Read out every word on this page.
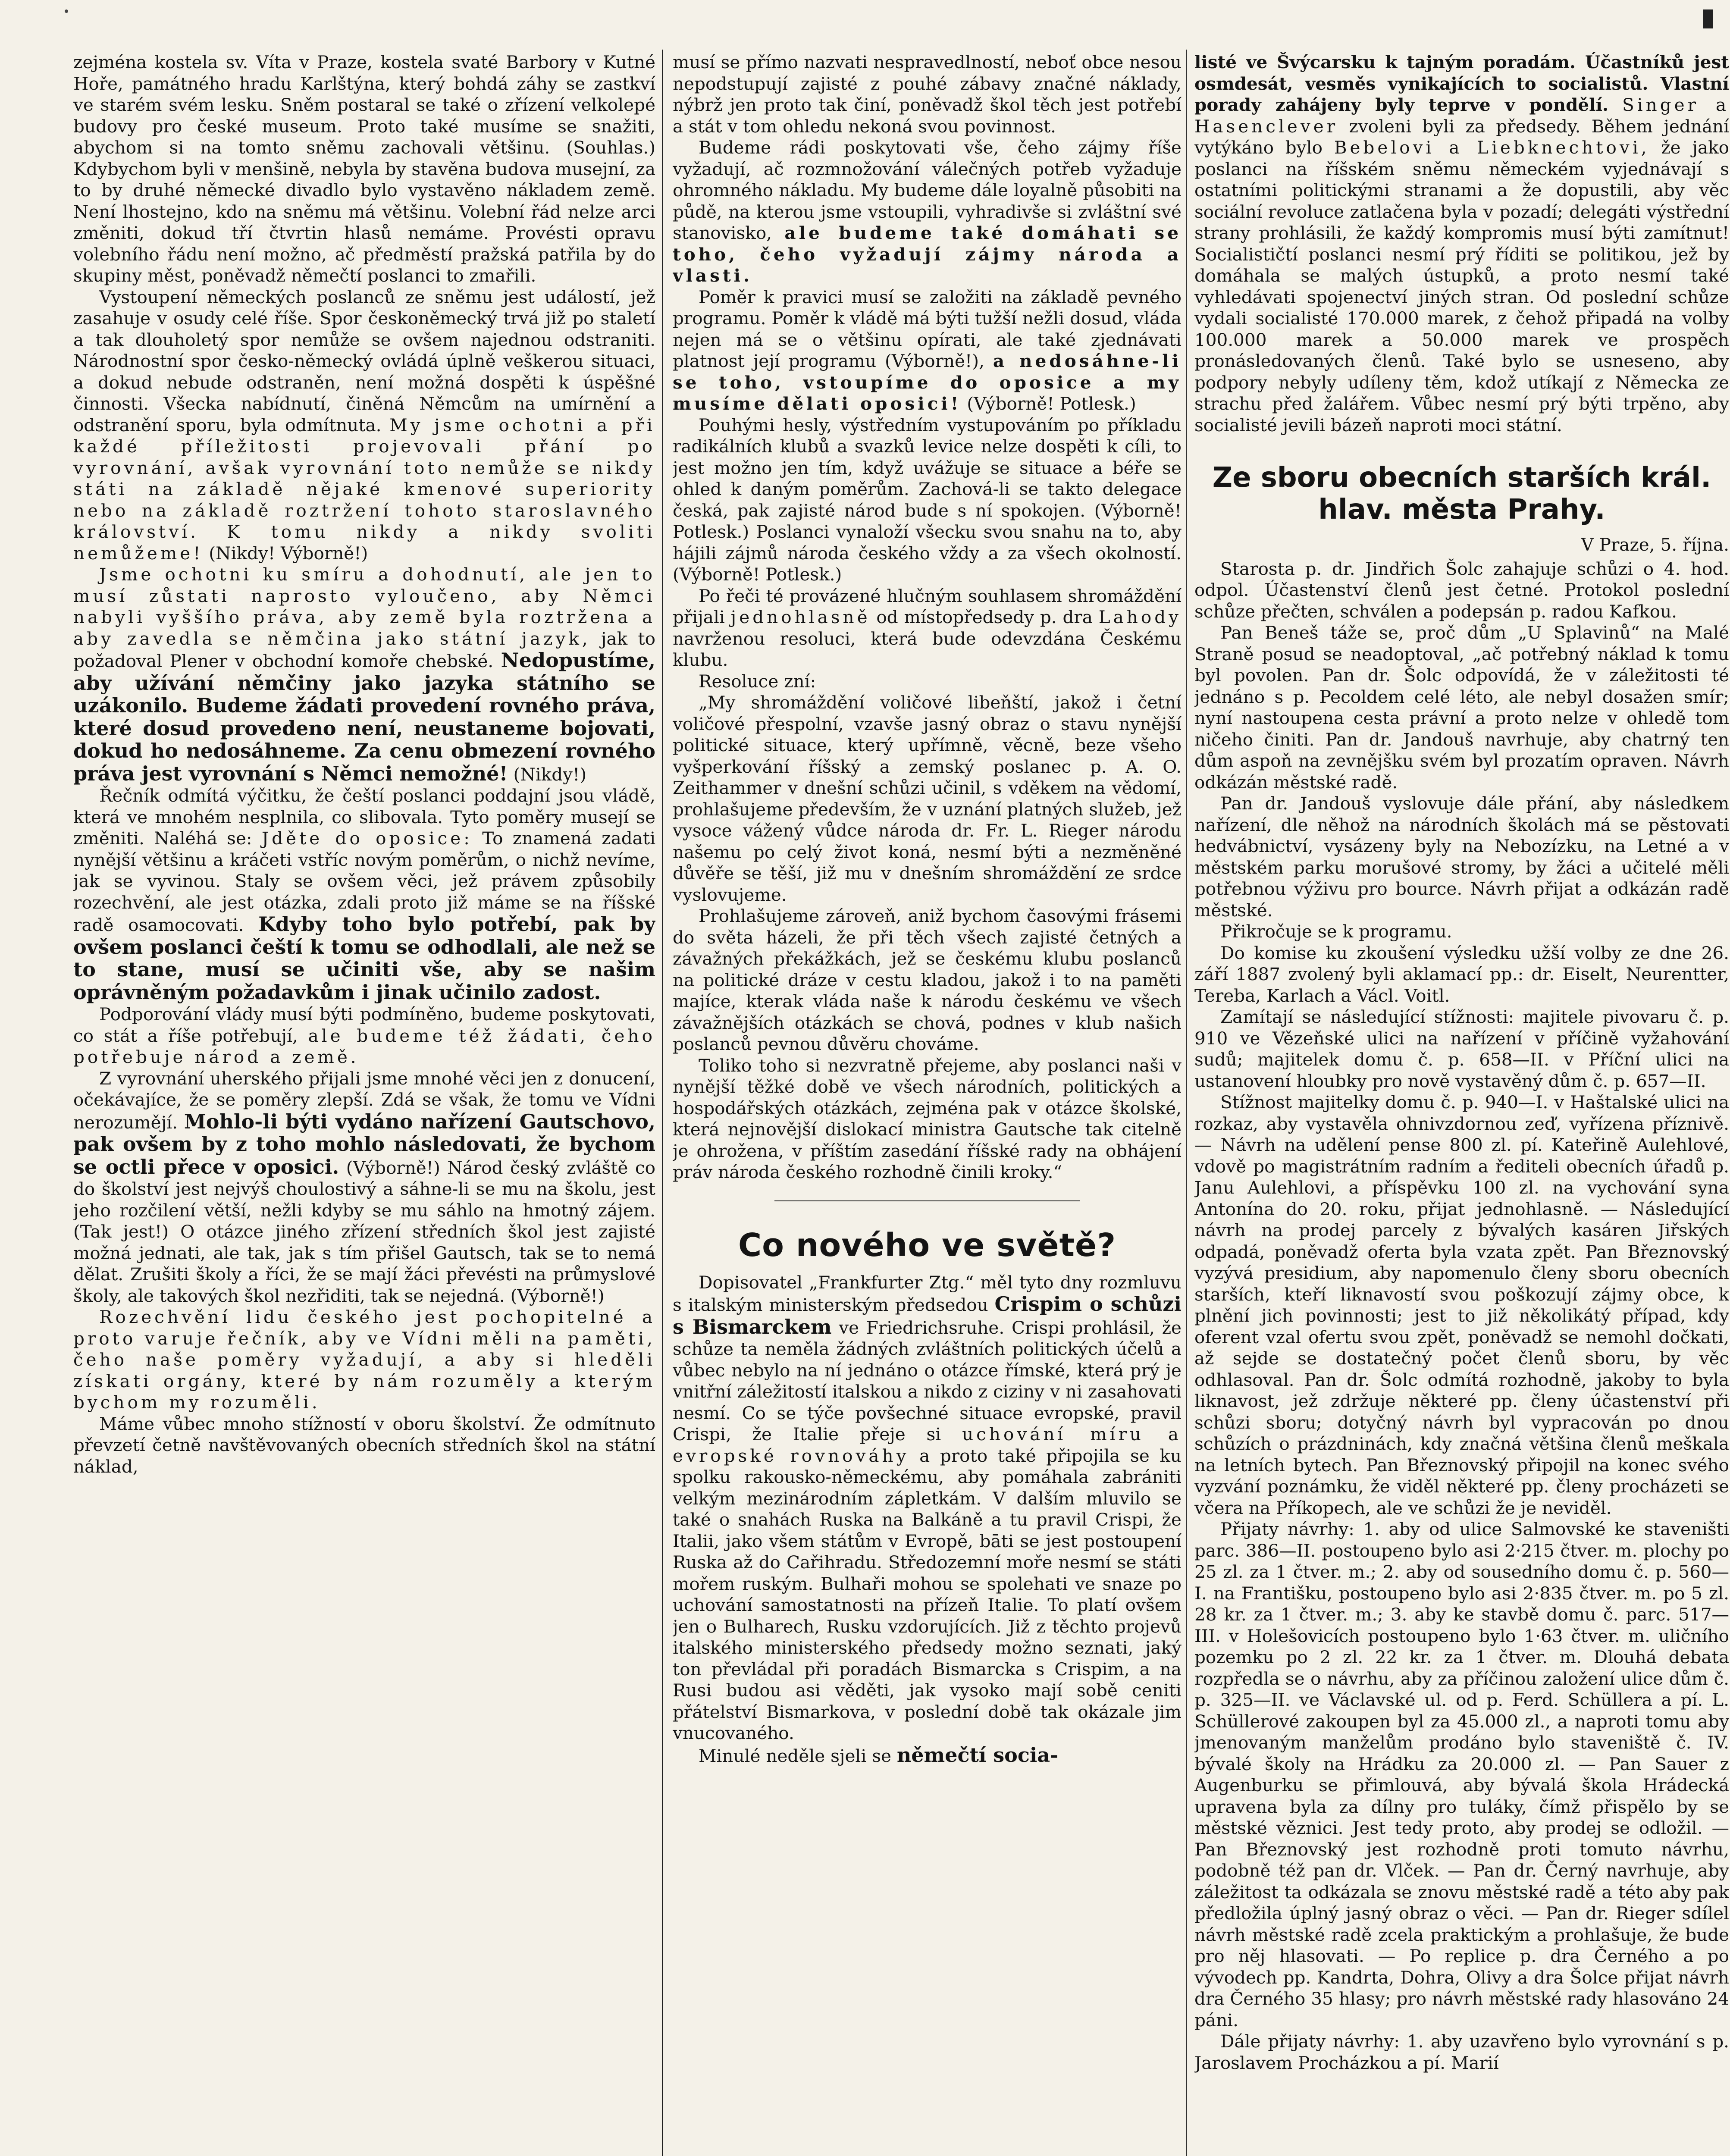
zejména kostela sv. Víta v Praze, kostela svaté Barbory v Kutné Hoře, památného hradu Karlštýna, který bohdá záhy se zastkví ve starém svém lesku. Sněm postaral se také o zřízení velkolepé budovy pro české museum. Proto také musíme se snažiti, abychom si na tomto sněmu zachovali většinu. (Souhlas.) Kdybychom byli v menšině, nebyla by stavěna budova musejní, za to by druhé německé divadlo bylo vystavěno nákladem země. Není lhostejno, kdo na sněmu má většinu. Volební řád nelze arci změniti, dokud tří čtvrtin hlasů nemáme. Provésti opravu volebního řádu není možno, ač předměstí pražská patřila by do skupiny měst, poněvadž němečtí poslanci to zmařili.

Vystoupení německých poslanců ze sněmu jest událostí, jež zasahuje v osudy celé říše. Spor českoněmecký trvá již po staletí a tak dlouholetý spor nemůže se ovšem najednou odstraniti. Národnostní spor česko-německý ovládá úplně veškerou situaci, a dokud nebude odstraněn, není možná dospěti k úspěšné činnosti. Všecka nabídnutí, činěná Němcům na umírnění a odstranění sporu, byla odmítnuta. My jsme ochotni a při každé příležitosti projevovali přání po vyrovnání, avšak vyrovnání toto nemůže se nikdy státi na základě nějaké kmenové superiority nebo na základě roztržení tohoto staroslavného království. K tomu nikdy a nikdy svoliti nemůžeme! (Nikdy! Výborně!)

Jsme ochotni ku smíru a dohodnutí, ale jen to musí zůstati naprosto vyloučeno, aby Němci nabyli vyššího práva, aby země byla roztržena a aby zavedla se němčina jako státní jazyk, jak to požadoval Plener v obchodní komoře chebské. Nedopustíme, aby užívání němčiny jako jazyka státního se uzákonilo. Budeme žádati provedení rovného práva, které dosud provedeno není, neustaneme bojovati, dokud ho nedosáhneme. Za cenu obmezení rovného práva jest vyrovnání s Němci nemožné! (Nikdy!)

Řečník odmítá výčitku, že čeští poslanci poddajní jsou vládě, která ve mnohém nesplnila, co slibovala. Tyto poměry musejí se změniti. Naléhá se: Jděte do oposice: To znamená zadati nynější většinu a kráčeti vstříc novým poměrům, o nichž nevíme, jak se vyvinou. Staly se ovšem věci, jež právem způsobily rozechvění, ale jest otázka, zdali proto již máme se na říšské radě osamocovati. Kdyby toho bylo potřebí, pak by ovšem poslanci čeští k tomu se odhodlali, ale než se to stane, musí se učiniti vše, aby se našim oprávněným požadavkům i jinak učinilo zadost.

Podporování vlády musí býti podmíněno, budeme poskytovati, co stát a říše potřebují, ale budeme též žádati, čeho potřebuje národ a země.

Z vyrovnání uherského přijali jsme mnohé věci jen z donucení, očekávajíce, že se poměry zlepší. Zdá se však, že tomu ve Vídni nerozumějí. Mohlo-li býti vydáno nařízení Gautschovo, pak ovšem by z toho mohlo následovati, že bychom se octli přece v oposici. (Výborně!) Národ český zvláště co do školství jest nejvýš choulostivý a sáhne-li se mu na školu, jest jeho rozčilení větší, nežli kdyby se mu sáhlo na hmotný zájem. (Tak jest!) O otázce jiného zřízení středních škol jest zajisté možná jednati, ale tak, jak s tím přišel Gautsch, tak se to nemá dělat. Zrušiti školy a říci, že se mají žáci převésti na průmyslové školy, ale takových škol nezřiditi, tak se nejedná. (Výborně!)

Rozechvění lidu českého jest pochopitelné a proto varuje řečník, aby ve Vídni měli na paměti, čeho naše poměry vyžadují, a aby si hleděli získati orgány, které by nám rozuměly a kterým bychom my rozuměli.

Máme vůbec mnoho stížností v oboru školství. Že odmítnuto převzetí četně navštěvovaných obecních středních škol na státní náklad,

musí se přímo nazvati nespravedlností, neboť obce nesou nepodstupují zajisté z pouhé zábavy značné náklady, nýbrž jen proto tak činí, poněvadž škol těch jest potřebí a stát v tom ohledu nekoná svou povinnost.

Budeme rádi poskytovati vše, čeho zájmy říše vyžadují, ač rozmnožování válečných potřeb vyžaduje ohromného nákladu. My budeme dále loyalně působiti na půdě, na kterou jsme vstoupili, vyhradivše si zvláštní své stanovisko, ale budeme také domáhati se toho, čeho vyžadují zájmy národa a vlasti.

Poměr k pravici musí se založiti na základě pevného programu. Poměr k vládě má býti tužší nežli dosud, vláda nejen má se o většinu opírati, ale také zjednávati platnost její programu (Výborně!), a nedosáhne-li se toho, vstoupíme do oposice a my musíme dělati oposici! (Výborně! Potlesk.)

Pouhými hesly, výstředním vystupováním po příkladu radikálních klubů a svazků levice nelze dospěti k cíli, to jest možno jen tím, když uvážuje se situace a béře se ohled k daným poměrům. Zachová-li se takto delegace česká, pak zajisté národ bude s ní spokojen. (Výborně! Potlesk.) Poslanci vynaloží všecku svou snahu na to, aby hájili zájmů národa českého vždy a za všech okolností. (Výborně! Potlesk.)

Po řeči té provázené hlučným souhlasem shromáždění přijali jednohlasně od místopředsedy p. dra Lahody navrženou resoluci, která bude odevzdána Českému klubu.

Resoluce zní:

„My shromáždění voličové libeňští, jakož i četní voličové přespolní, vzavše jasný obraz o stavu nynější politické situace, který upřímně, věcně, beze všeho vyšperkování říšský a zemský poslanec p. A. O. Zeithammer v dnešní schůzi učinil, s vděkem na vědomí, prohlašujeme především, že v uznání platných služeb, jež vysoce vážený vůdce národa dr. Fr. L. Rieger národu našemu po celý život koná, nesmí býti a nezměněné důvěře se těší, již mu v dnešním shromáždění ze srdce vyslovujeme.

Prohlašujeme zároveň, aniž bychom časovými frásemi do světa házeli, že při těch všech zajisté četných a závažných překážkách, jež se českému klubu poslanců na politické dráze v cestu kladou, jakož i to na paměti majíce, kterak vláda naše k národu českému ve všech závažnějších otázkách se chová, podnes v klub našich poslanců pevnou důvěru chováme.

Toliko toho si nezvratně přejeme, aby poslanci naši v nynější těžké době ve všech národních, politických a hospodářských otázkách, zejména pak v otázce školské, která nejnovější dislokací ministra Gautsche tak citelně je ohrožena, v příštím zasedání říšské rady na obhájení práv národa českého rozhodně činili kroky.“

Co nového ve světě?

Dopisovatel „Frankfurter Ztg.“ měl tyto dny rozmluvu s italským ministerským předsedou Crispim o schůzi s Bismarckem ve Friedrichsruhe. Crispi prohlásil, že schůze ta neměla žádných zvláštních politických účelů a vůbec nebylo na ní jednáno o otázce římské, která prý je vnitřní záležitostí italskou a nikdo z ciziny v ni zasahovati nesmí. Co se týče povšechné situace evropské, pravil Crispi, že Italie přeje si uchování míru a evropské rovnováhy a proto také připojila se ku spolku rakousko-německému, aby pomáhala zabrániti velkým mezinárodním zápletkám. V dalším mluvilo se také o snahách Ruska na Balkáně a tu pravil Crispi, že Italii, jako všem státům v Evropě, bāti se jest postoupení Ruska až do Cařihradu. Středozemní moře nesmí se státi mořem ruským. Bulhaři mohou se spolehati ve snaze po uchování samostatnosti na přízeň Italie. To platí ovšem jen o Bulharech, Rusku vzdorujících. Již z těchto projevů italského ministerského předsedy možno seznati, jaký ton převládal při poradách Bismarcka s Crispim, a na Rusi budou asi věděti, jak vysoko mají sobě ceniti přátelství Bismarkova, v poslední době tak okázale jim vnucovaného.

Minulé neděle sjeli se němečtí socia-

listé ve Švýcarsku k tajným poradám. Účastníků jest osmdesát, vesměs vynikajících to socialistů. Vlastní porady zahájeny byly teprve v pondělí. Singer a Hasenclever zvoleni byli za předsedy. Během jednání vytýkáno bylo Bebelovi a Liebknechtovi, že jako poslanci na říšském sněmu německém vyjednávají s ostatními politickými stranami a že dopustili, aby věc sociální revoluce zatlačena byla v pozadí; delegáti výstřední strany prohlásili, že každý kompromis musí býti zamítnut! Socialističtí poslanci nesmí prý říditi se politikou, jež by domáhala se malých ústupků, a proto nesmí také vyhledávati spojenectví jiných stran. Od poslední schůze vydali socialisté 170.000 marek, z čehož připadá na volby 100.000 marek a 50.000 marek ve prospěch pronásledovaných členů. Také bylo se usneseno, aby podpory nebyly udíleny těm, kdož utíkají z Německa ze strachu před žalářem. Vůbec nesmí prý býti trpěno, aby socialisté jevili bázeň naproti moci státní.

Ze sboru obecních starších král.
hlav. města Prahy.
V Praze, 5. října.

Starosta p. dr. Jindřich Šolc zahajuje schůzi o 4. hod. odpol. Účastenství členů jest četné. Protokol poslední schůze přečten, schválen a podepsán p. radou Kafkou.

Pan Beneš táže se, proč dům „U Splavinů“ na Malé Straně posud se neadoptoval, „ač potřebný náklad k tomu byl povolen. Pan dr. Šolc odpovídá, že v záležitosti té jednáno s p. Pecoldem celé léto, ale nebyl dosažen smír; nyní nastoupena cesta právní a proto nelze v ohledě tom ničeho činiti. Pan dr. Jandouš navrhuje, aby chatrný ten dům aspoň na zevnějšku svém byl prozatím opraven. Návrh odkázán městské radě.

Pan dr. Jandouš vyslovuje dále přání, aby následkem nařízení, dle něhož na národních školách má se pěstovati hedvábnictví, vysázeny byly na Nebozízku, na Letné a v městském parku morušové stromy, by žáci a učitelé měli potřebnou výživu pro bource. Návrh přijat a odkázán radě městské.

Přikročuje se k programu.

Do komise ku zkoušení výsledku užší volby ze dne 26. září 1887 zvolený byli aklamací pp.: dr. Eiselt, Neurentter, Tereba, Karlach a Václ. Voitl.

Zamítají se následující stížnosti: majitele pivovaru č. p. 910 ve Vězeňské ulici na nařízení v příčině vyžahování sudů; majitelek domu č. p. 658—II. v Příční ulici na ustanovení hloubky pro nově vystavěný dům č. p. 657—II.

Stížnost majitelky domu č. p. 940—I. v Haštalské ulici na rozkaz, aby vystavěla ohnivzdornou zeď, vyřízena příznivě. — Návrh na udělení pense 800 zl. pí. Kateřině Aulehlové, vdově po magistrátním radním a řediteli obecních úřadů p. Janu Aulehlovi, a příspěvku 100 zl. na vychování syna Antonína do 20. roku, přijat jednohlasně. — Následující návrh na prodej parcely z bývalých kasáren Jiřských odpadá, poněvadž oferta byla vzata zpět. Pan Březnovský vyzývá presidium, aby napomenulo členy sboru obecních starších, kteří liknavostí svou poškozují zájmy obce, k plnění jich povinnosti; jest to již několikátý případ, kdy oferent vzal ofertu svou zpět, poněvadž se nemohl dočkati, až sejde se dostatečný počet členů sboru, by věc odhlasoval. Pan dr. Šolc odmítá rozhodně, jakoby to byla liknavost, jež zdržuje některé pp. členy účastenství při schůzi sboru; dotyčný návrh byl vypracován po dnou schůzích o prázdninách, kdy značná většina členů meškala na letních bytech. Pan Březnovský připojil na konec svého vyzvání poznámku, že viděl některé pp. členy procházeti se včera na Příkopech, ale ve schůzi že je neviděl.

Přijaty návrhy: 1. aby od ulice Salmovské ke staveništi parc. 386—II. postoupeno bylo asi 2·215 čtver. m. plochy po 25 zl. za 1 čtver. m.; 2. aby od sousedního domu č. p. 560—I. na Františku, postoupeno bylo asi 2·835 čtver. m. po 5 zl. 28 kr. za 1 čtver. m.; 3. aby ke stavbě domu č. parc. 517—III. v Holešovicích postoupeno bylo 1·63 čtver. m. uličního pozemku po 2 zl. 22 kr. za 1 čtver. m. Dlouhá debata rozpředla se o návrhu, aby za příčinou založení ulice dům č. p. 325—II. ve Václavské ul. od p. Ferd. Schüllera a pí. L. Schüllerové zakoupen byl za 45.000 zl., a naproti tomu aby jmenovaným manželům prodáno bylo staveniště č. IV. bývalé školy na Hrádku za 20.000 zl. — Pan Sauer z Augenburku se přimlouvá, aby bývalá škola Hrádecká upravena byla za dílny pro tuláky, čímž přispělo by se městské věznici. Jest tedy proto, aby prodej se odložil. — Pan Březnovský jest rozhodně proti tomuto návrhu, podobně též pan dr. Vlček. — Pan dr. Černý navrhuje, aby záležitost ta odkázala se znovu městské radě a této aby pak předložila úplný jasný obraz o věci. — Pan dr. Rieger sdílel návrh městské radě zcela praktickým a prohlašuje, že bude pro něj hlasovati. — Po replice p. dra Černého a po vývodech pp. Kandrta, Dohra, Olivy a dra Šolce přijat návrh dra Černého 35 hlasy; pro návrh městské rady hlasováno 24 páni.

Dále přijaty návrhy: 1. aby uzavřeno bylo vyrovnání s p. Jaroslavem Procházkou a pí. Marií
